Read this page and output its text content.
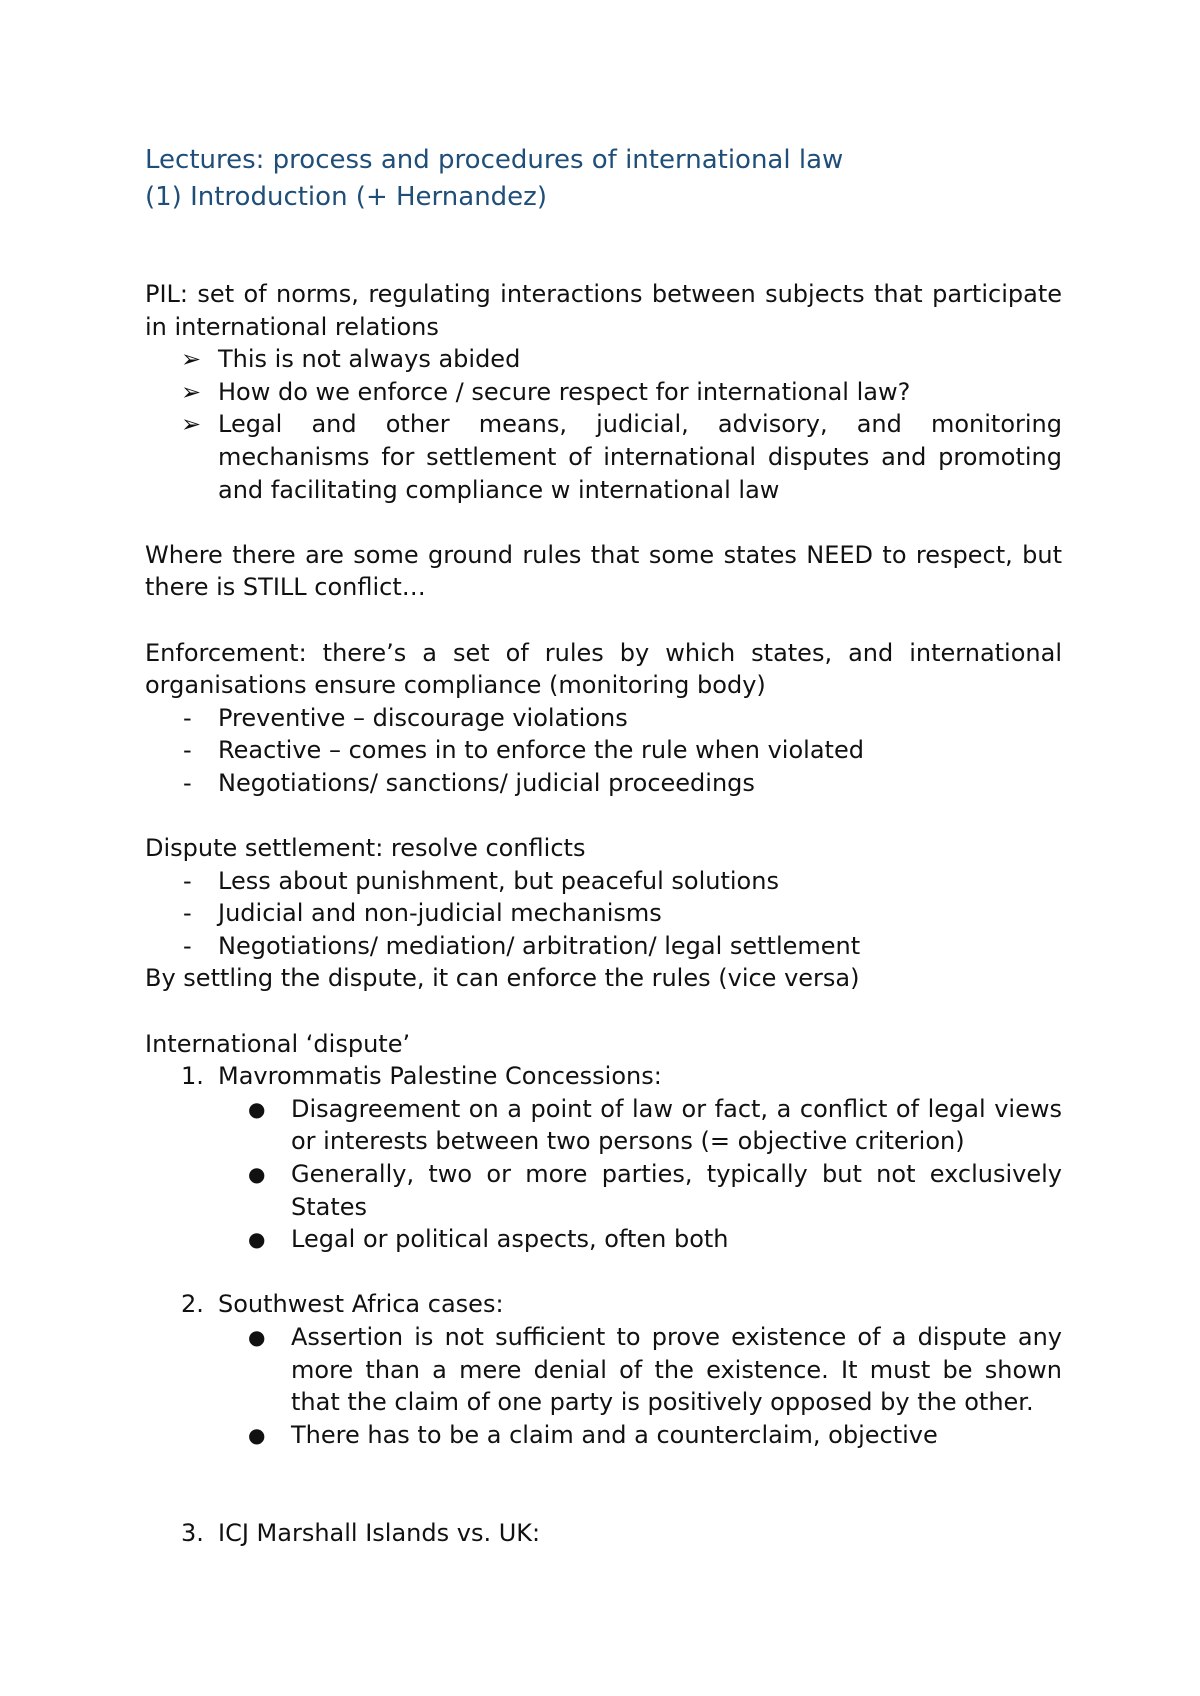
Lectures: process and procedures of international law
(1) Introduction (+ Hernandez)

PIL: set of norms, regulating interactions between subjects that participate in international relations

➢ This is not always abided
➢ How do we enforce / secure respect for international law?
➢ Legal and other means, judicial, advisory, and monitoring mechanisms for settlement of international disputes and promoting and facilitating compliance w international law

Where there are some ground rules that some states NEED to respect, but there is STILL conflict…

Enforcement: there’s a set of rules by which states, and international organisations ensure compliance (monitoring body)

- Preventive – discourage violations
- Reactive – comes in to enforce the rule when violated
- Negotiations/ sanctions/ judicial proceedings

Dispute settlement: resolve conflicts

- Less about punishment, but peaceful solutions
- Judicial and non-judicial mechanisms
- Negotiations/ mediation/ arbitration/ legal settlement

By settling the dispute, it can enforce the rules (vice versa)

International ‘dispute’

1. Mavrommatis Palestine Concessions:
● Disagreement on a point of law or fact, a conflict of legal views or interests between two persons (= objective criterion)
● Generally, two or more parties, typically but not exclusively States
● Legal or political aspects, often both
2. Southwest Africa cases:
● Assertion is not sufficient to prove existence of a dispute any more than a mere denial of the existence. It must be shown that the claim of one party is positively opposed by the other.
● There has to be a claim and a counterclaim, objective
3. ICJ Marshall Islands vs. UK:
